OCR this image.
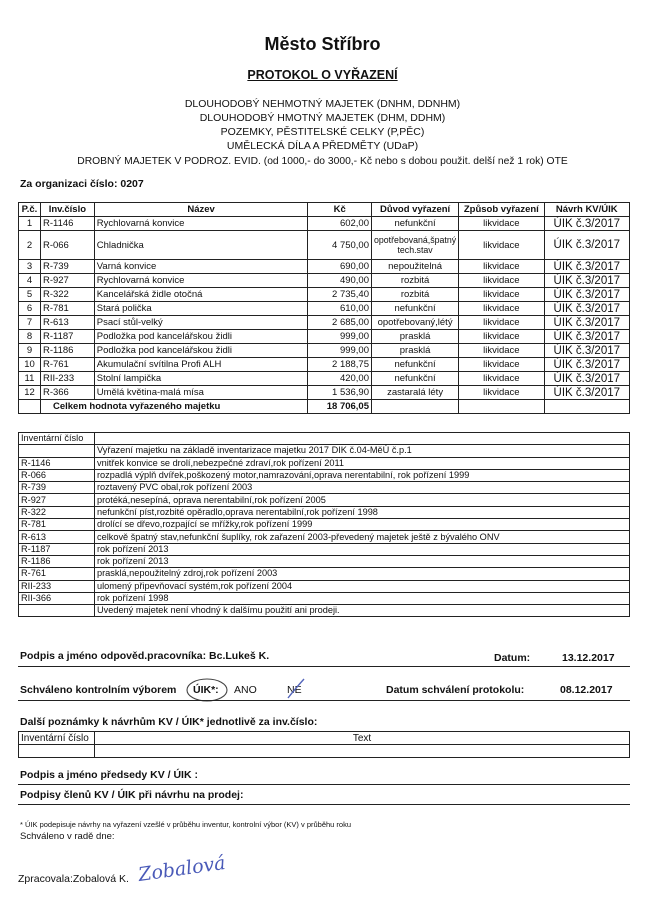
Město Stříbro
PROTOKOL O VYŘAZENÍ
DLOUHODOBÝ NEHMOTNÝ MAJETEK (DNHM, DDNHM)
DLOUHODOBÝ HMOTNÝ MAJETEK (DHM, DDHM)
POZEMKY, PĚSTITELSKÉ CELKY (P,PĚC)
UMĚLECKÁ DÍLA A PŘEDMĚTY (UDaP)
DROBNÝ MAJETEK V PODROZ. EVID. (od 1000,- do 3000,- Kč nebo s dobou použit. delší než 1 rok) OTE
Za organizaci číslo: 0207
P.č.	Inv.číslo	Název	Kč	Důvod vyřazení	Způsob vyřazení	Návrh KV/ÚIK
1	R-1146	Rychlovarná konvice	602,00	nefunkční	likvidace	ÚIK č.3/2017
2	R-066	Chladnička	4 750,00	opotřebovaná,špatný tech.stav	likvidace	ÚIK č.3/2017
3	R-739	Varná konvice	690,00	nepoužitelná	likvidace	ÚIK č.3/2017
4	R-927	Rychlovarná konvice	490,00	rozbitá	likvidace	ÚIK č.3/2017
5	R-322	Kancelářská židle otočná	2 735,40	rozbitá	likvidace	ÚIK č.3/2017
6	R-781	Stará polička	610,00	nefunkční	likvidace	ÚIK č.3/2017
7	R-613	Psací stůl-velký	2 685,00	opotřebovaný,létý	likvidace	ÚIK č.3/2017
8	R-1187	Podložka pod kancelářskou židli	999,00	prasklá	likvidace	ÚIK č.3/2017
9	R-1186	Podložka pod kancelářskou židli	999,00	prasklá	likvidace	ÚIK č.3/2017
10	R-761	Akumulační svítilna Profi ALH	2 188,75	nefunkční	likvidace	ÚIK č.3/2017
11	RII-233	Stolní lampička	420,00	nefunkční	likvidace	ÚIK č.3/2017
12	R-366	Umělá květina-malá mísa	1 536,90	zastaralá léty	likvidace	ÚIK č.3/2017
	Celkem hodnota vyřazeného majetku		18 706,05			
Inventární číslo	
	Vyřazení majetku na základě inventarizace majetku 2017 DIK č.04-MěÚ č.p.1
R-1146	vnitřek konvice se drolí,nebezpečné zdraví,rok pořízení 2011
R-066	rozpadlá výplň dvířek,poškozený motor,namrazování,oprava nerentabilní, rok pořízení 1999
R-739	roztavený PVC obal,rok pořízení 2003
R-927	protéká,nesepíná, oprava nerentabilní,rok pořízení 2005
R-322	nefunkční píst,rozbité opěradlo,oprava nerentabilní,rok pořízení 1998
R-781	drolící se dřevo,rozpající se mřížky,rok pořízení 1999
R-613	celkově špatný stav,nefunkční šuplíky, rok zařazení 2003-převedený majetek ještě z bývalého ONV
R-1187	rok pořízení 2013
R-1186	rok pořízení 2013
R-761	prasklá,nepoužitelný zdroj,rok pořízení 2003
RII-233	ulomený připevňovací systém,rok pořízení 2004
RII-366	rok pořízení 1998
	Uvedený majetek není vhodný k dalšímu použití ani prodeji.
Podpis a jméno odpověd.pracovníka: Bc.Lukeš K.	Datum:	13.12.2017
Schváleno kontrolním výborem ÚIK*: ANO	NE	Datum schválení protokolu:	08.12.2017
Další poznámky k návrhům KV / ÚIK* jednotlivě za inv.číslo:
Inventární číslo	Text

Podpis a jméno předsedy KV / ÚIK :
Podpisy členů KV / ÚIK při návrhu na prodej:
* ÚIK podepisuje návrhy na vyřazení vzešlé v průběhu inventur, kontrolní výbor (KV) v průběhu roku
Schváleno v radě dne:
Zpracovala:Zobalová K. Zobalová
